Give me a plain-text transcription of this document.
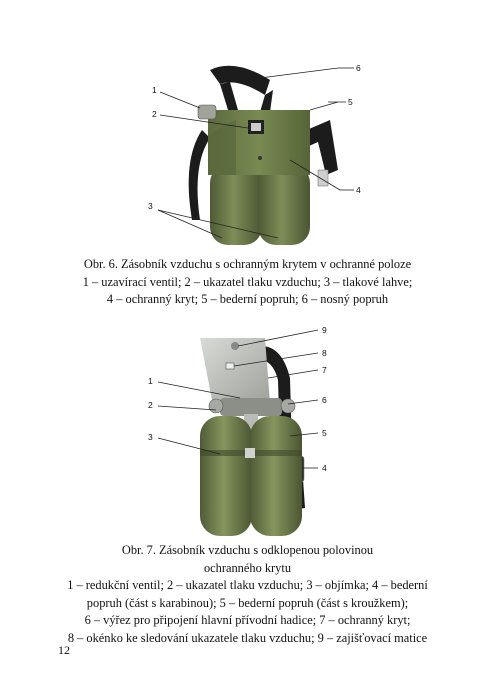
1
2
3
4
5
6
Obr. 6. Zásobník vzduchu s ochranným krytem v ochranné poloze
1 – uzavírací ventil; 2 – ukazatel tlaku vzduchu; 3 – tlakové lahve;
4 – ochranný kryt; 5 – bederní popruh; 6 – nosný popruh
1
2
3
4
5
6
7
8
9
Obr. 7. Zásobník vzduchu s odklopenou polovinou
ochranného krytu
1 – redukční ventil; 2 – ukazatel tlaku vzduchu; 3 – objímka; 4 – bederní
popruh (část s karabinou); 5 – bederní popruh (část s kroužkem);
6 – výřez pro připojení hlavní přívodní hadice; 7 – ochranný kryt;
8 – okénko ke sledování ukazatele tlaku vzduchu; 9 – zajišťovací matice
12
